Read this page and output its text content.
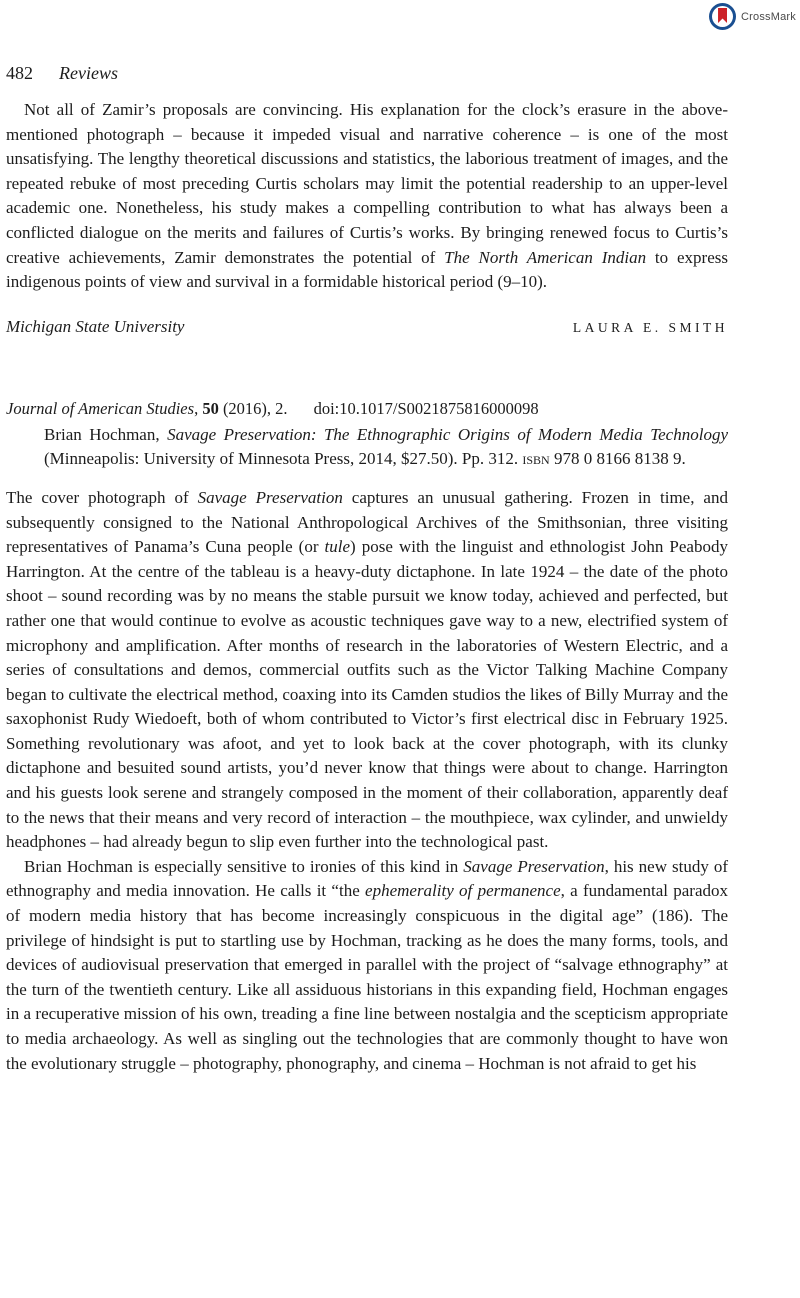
CrossMark
482 Reviews

Not all of Zamir’s proposals are convincing. His explanation for the clock’s erasure in the above-mentioned photograph – because it impeded visual and narrative coherence – is one of the most unsatisfying. The lengthy theoretical discussions and statistics, the laborious treatment of images, and the repeated rebuke of most preceding Curtis scholars may limit the potential readership to an upper-level academic one. Nonetheless, his study makes a compelling contribution to what has always been a conflicted dialogue on the merits and failures of Curtis’s works. By bringing renewed focus to Curtis’s creative achievements, Zamir demonstrates the potential of The North American Indian to express indigenous points of view and survival in a formidable historical period (9–10).

Michigan State University	LAURA E. SMITH
Journal of American Studies, 50 (2016), 2. doi:10.1017/S0021875816000098
Brian Hochman, Savage Preservation: The Ethnographic Origins of Modern Media Technology (Minneapolis: University of Minnesota Press, 2014, $27.50). Pp. 312. isbn 978 0 8166 8138 9.

The cover photograph of Savage Preservation captures an unusual gathering. Frozen in time, and subsequently consigned to the National Anthropological Archives of the Smithsonian, three visiting representatives of Panama’s Cuna people (or tule) pose with the linguist and ethnologist John Peabody Harrington. At the centre of the tableau is a heavy-duty dictaphone. In late 1924 – the date of the photo shoot – sound recording was by no means the stable pursuit we know today, achieved and perfected, but rather one that would continue to evolve as acoustic techniques gave way to a new, electrified system of microphony and amplification. After months of research in the laboratories of Western Electric, and a series of consultations and demos, commercial outfits such as the Victor Talking Machine Company began to cultivate the electrical method, coaxing into its Camden studios the likes of Billy Murray and the saxophonist Rudy Wiedoeft, both of whom contributed to Victor’s first electrical disc in February 1925. Something revolutionary was afoot, and yet to look back at the cover photograph, with its clunky dictaphone and besuited sound artists, you’d never know that things were about to change. Harrington and his guests look serene and strangely composed in the moment of their collaboration, apparently deaf to the news that their means and very record of interaction – the mouthpiece, wax cylinder, and unwieldy headphones – had already begun to slip even further into the technological past.

Brian Hochman is especially sensitive to ironies of this kind in Savage Preservation, his new study of ethnography and media innovation. He calls it “the ephemerality of permanence, a fundamental paradox of modern media history that has become increasingly conspicuous in the digital age” (186). The privilege of hindsight is put to startling use by Hochman, tracking as he does the many forms, tools, and devices of audiovisual preservation that emerged in parallel with the project of “salvage ethnography” at the turn of the twentieth century. Like all assiduous historians in this expanding field, Hochman engages in a recuperative mission of his own, treading a fine line between nostalgia and the scepticism appropriate to media archaeology. As well as singling out the technologies that are commonly thought to have won the evolutionary struggle – photography, phonography, and cinema – Hochman is not afraid to get his
